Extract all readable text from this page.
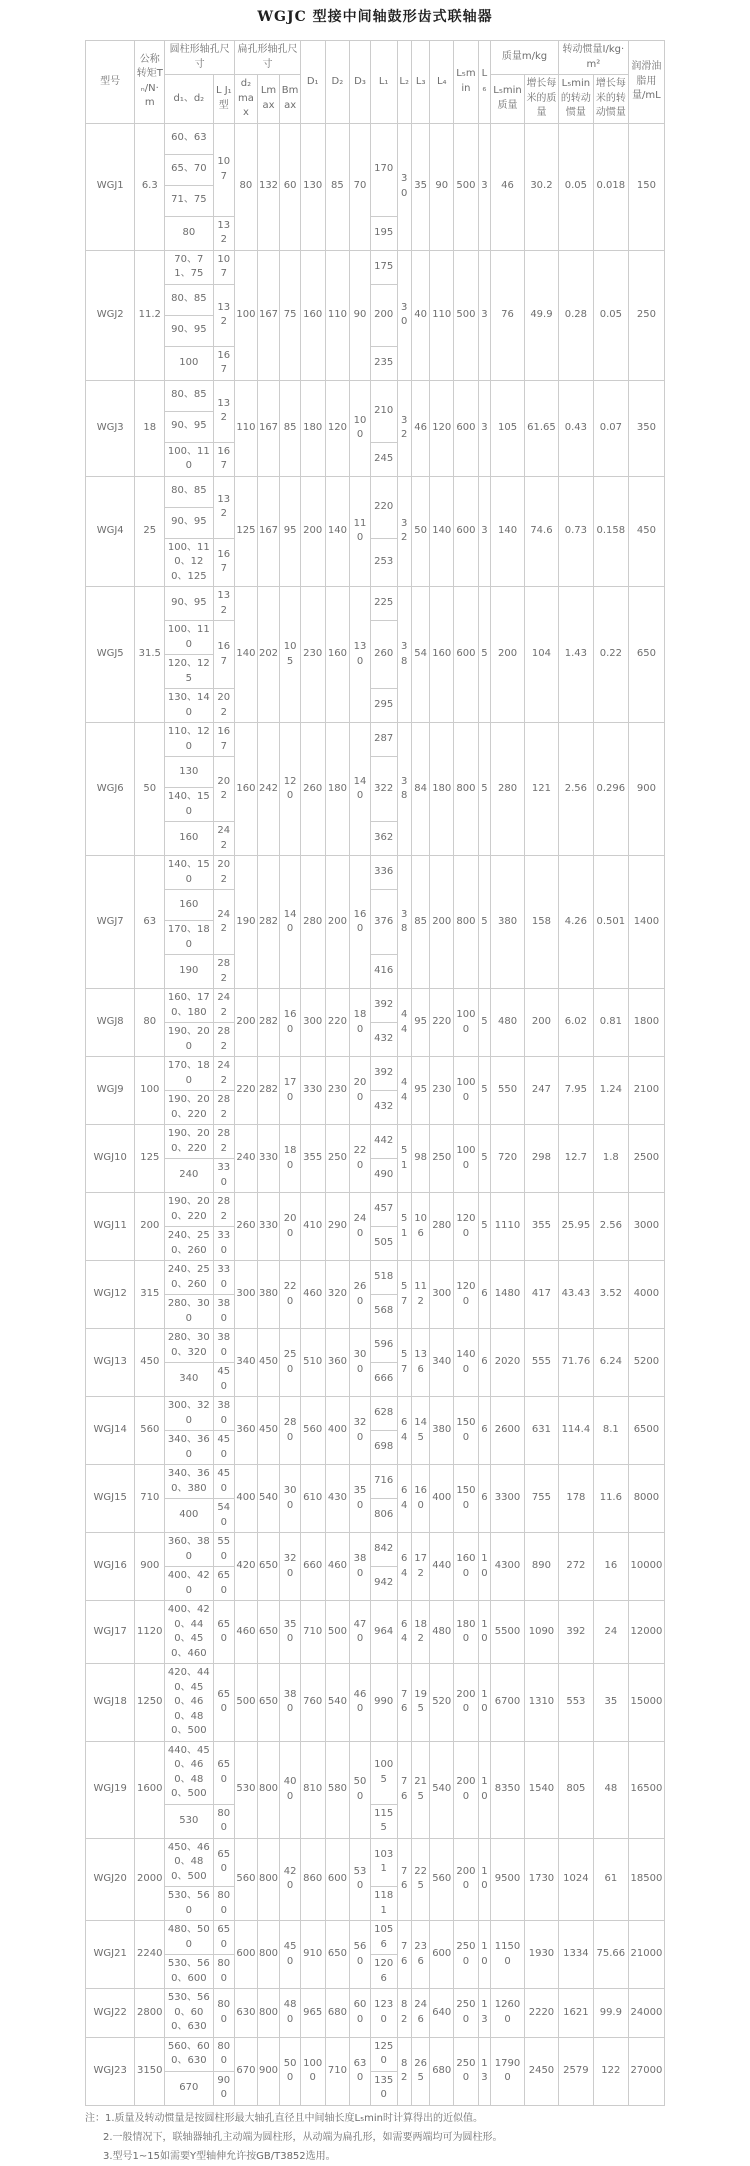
WGJC 型接中间轴鼓形齿式联轴器
型号	公称转矩Tₙ/N·m	圆柱形轴孔尺寸		扁孔形轴孔尺寸			D₁	D₂	D₃	L₁	L₂	L₃	L₄	L₅min	L₆	质量m/kg		转动惯量I/kg·m²		润滑油脂用量/mL
		d₁、d₂	L J₁型	d₂max	Lmax	Bmax										L₅min质量	增长每米的质量	L₅min的转动惯量	增长每米的转动惯量	
WGJ1	6.3	60、63	107	80	132	60	130	85	70	170	30	35	90	500	3	46	30.2	0.05	0.018	150
		65、70																		
		71、75																		
		80	132							195										
WGJ2	11.2	70、71、75	107	100	167	75	160	110	90	175	30	40	110	500	3	76	49.9	0.28	0.05	250
		80、85	132							200										
		90、95																		
		100	167							235										
WGJ3	18	80、85	132	110	167	85	180	120	100	210	32	46	120	600	3	105	61.65	0.43	0.07	350
		90、95																		
		100、110	167							245										
WGJ4	25	80、85	132	125	167	95	200	140	110	220	32	50	140	600	3	140	74.6	0.73	0.158	450
		90、95																		
		100、110、120、125	167							253										
WGJ5	31.5	90、95	132	140	202	105	230	160	130	225	38	54	160	600	5	200	104	1.43	0.22	650
		100、110	167							260										
		120、125																		
		130、140	202							295										
WGJ6	50	110、120	167	160	242	120	260	180	140	287	38	84	180	800	5	280	121	2.56	0.296	900
		130	202							322										
		140、150																		
		160	242							362										
WGJ7	63	140、150	202	190	282	140	280	200	160	336	38	85	200	800	5	380	158	4.26	0.501	1400
		160	242							376										
		170、180																		
		190	282							416										
WGJ8	80	160、170、180	242	200	282	160	300	220	180	392	44	95	220	1000	5	480	200	6.02	0.81	1800
		190、200	282							432										
WGJ9	100	170、180	242	220	282	170	330	230	200	392	44	95	230	1000	5	550	247	7.95	1.24	2100
		190、200、220	282							432										
WGJ10	125	190、200、220	282	240	330	180	355	250	220	442	51	98	250	1000	5	720	298	12.7	1.8	2500
		240	330							490										
WGJ11	200	190、200、220	282	260	330	200	410	290	240	457	51	106	280	1200	5	1110	355	25.95	2.56	3000
		240、250、260	330							505										
WGJ12	315	240、250、260	330	300	380	220	460	320	260	518	57	112	300	1200	6	1480	417	43.43	3.52	4000
		280、300	380							568										
WGJ13	450	280、300、320	380	340	450	250	510	360	300	596	57	136	340	1400	6	2020	555	71.76	6.24	5200
		340	450							666										
WGJ14	560	300、320	380	360	450	280	560	400	320	628	64	145	380	1500	6	2600	631	114.4	8.1	6500
		340、360	450							698										
WGJ15	710	340、360、380	450	400	540	300	610	430	350	716	64	160	400	1500	6	3300	755	178	11.6	8000
		400	540							806										
WGJ16	900	360、380	550	420	650	320	660	460	380	842	64	172	440	1600	10	4300	890	272	16	10000
		400、420	650							942										
WGJ17	1120	400、420、440、450、460	650	460	650	350	710	500	470	964	64	182	480	1800	10	5500	1090	392	24	12000
WGJ18	1250	420、440、450、460、480、500	650	500	650	380	760	540	460	990	76	195	520	2000	10	6700	1310	553	35	15000
WGJ19	1600	440、450、460、480、500	650	530	800	400	810	580	500	1005	76	215	540	2000	10	8350	1540	805	48	16500
		530	800							1155										
WGJ20	2000	450、460、480、500	650	560	800	420	860	600	530	1031	76	225	560	2000	10	9500	1730	1024	61	18500
		530、560	800							1181										
WGJ21	2240	480、500	650	600	800	450	910	650	560	1056	76	236	600	2500	10	11500	1930	1334	75.66	21000
		530、560、600	800							1206										
WGJ22	2800	530、560、600、630	800	630	800	480	965	680	600	1230	82	246	640	2500	13	12600	2220	1621	99.9	24000
WGJ23	3150	560、600、630	800	670	900	500	1000	710	630	1250	82	265	680	2500	13	17900	2450	2579	122	27000
		670	900							1350										
注：1.质量及转动惯量是按圆柱形最大轴孔直径且中间轴长度L₅min时计算得出的近似值。
2.一般情况下，联轴器轴孔主动端为圆柱形，从动端为扁孔形，如需要两端均可为圆柱形。
3.型号1~15如需要Y型轴伸允许按GB/T3852选用。
